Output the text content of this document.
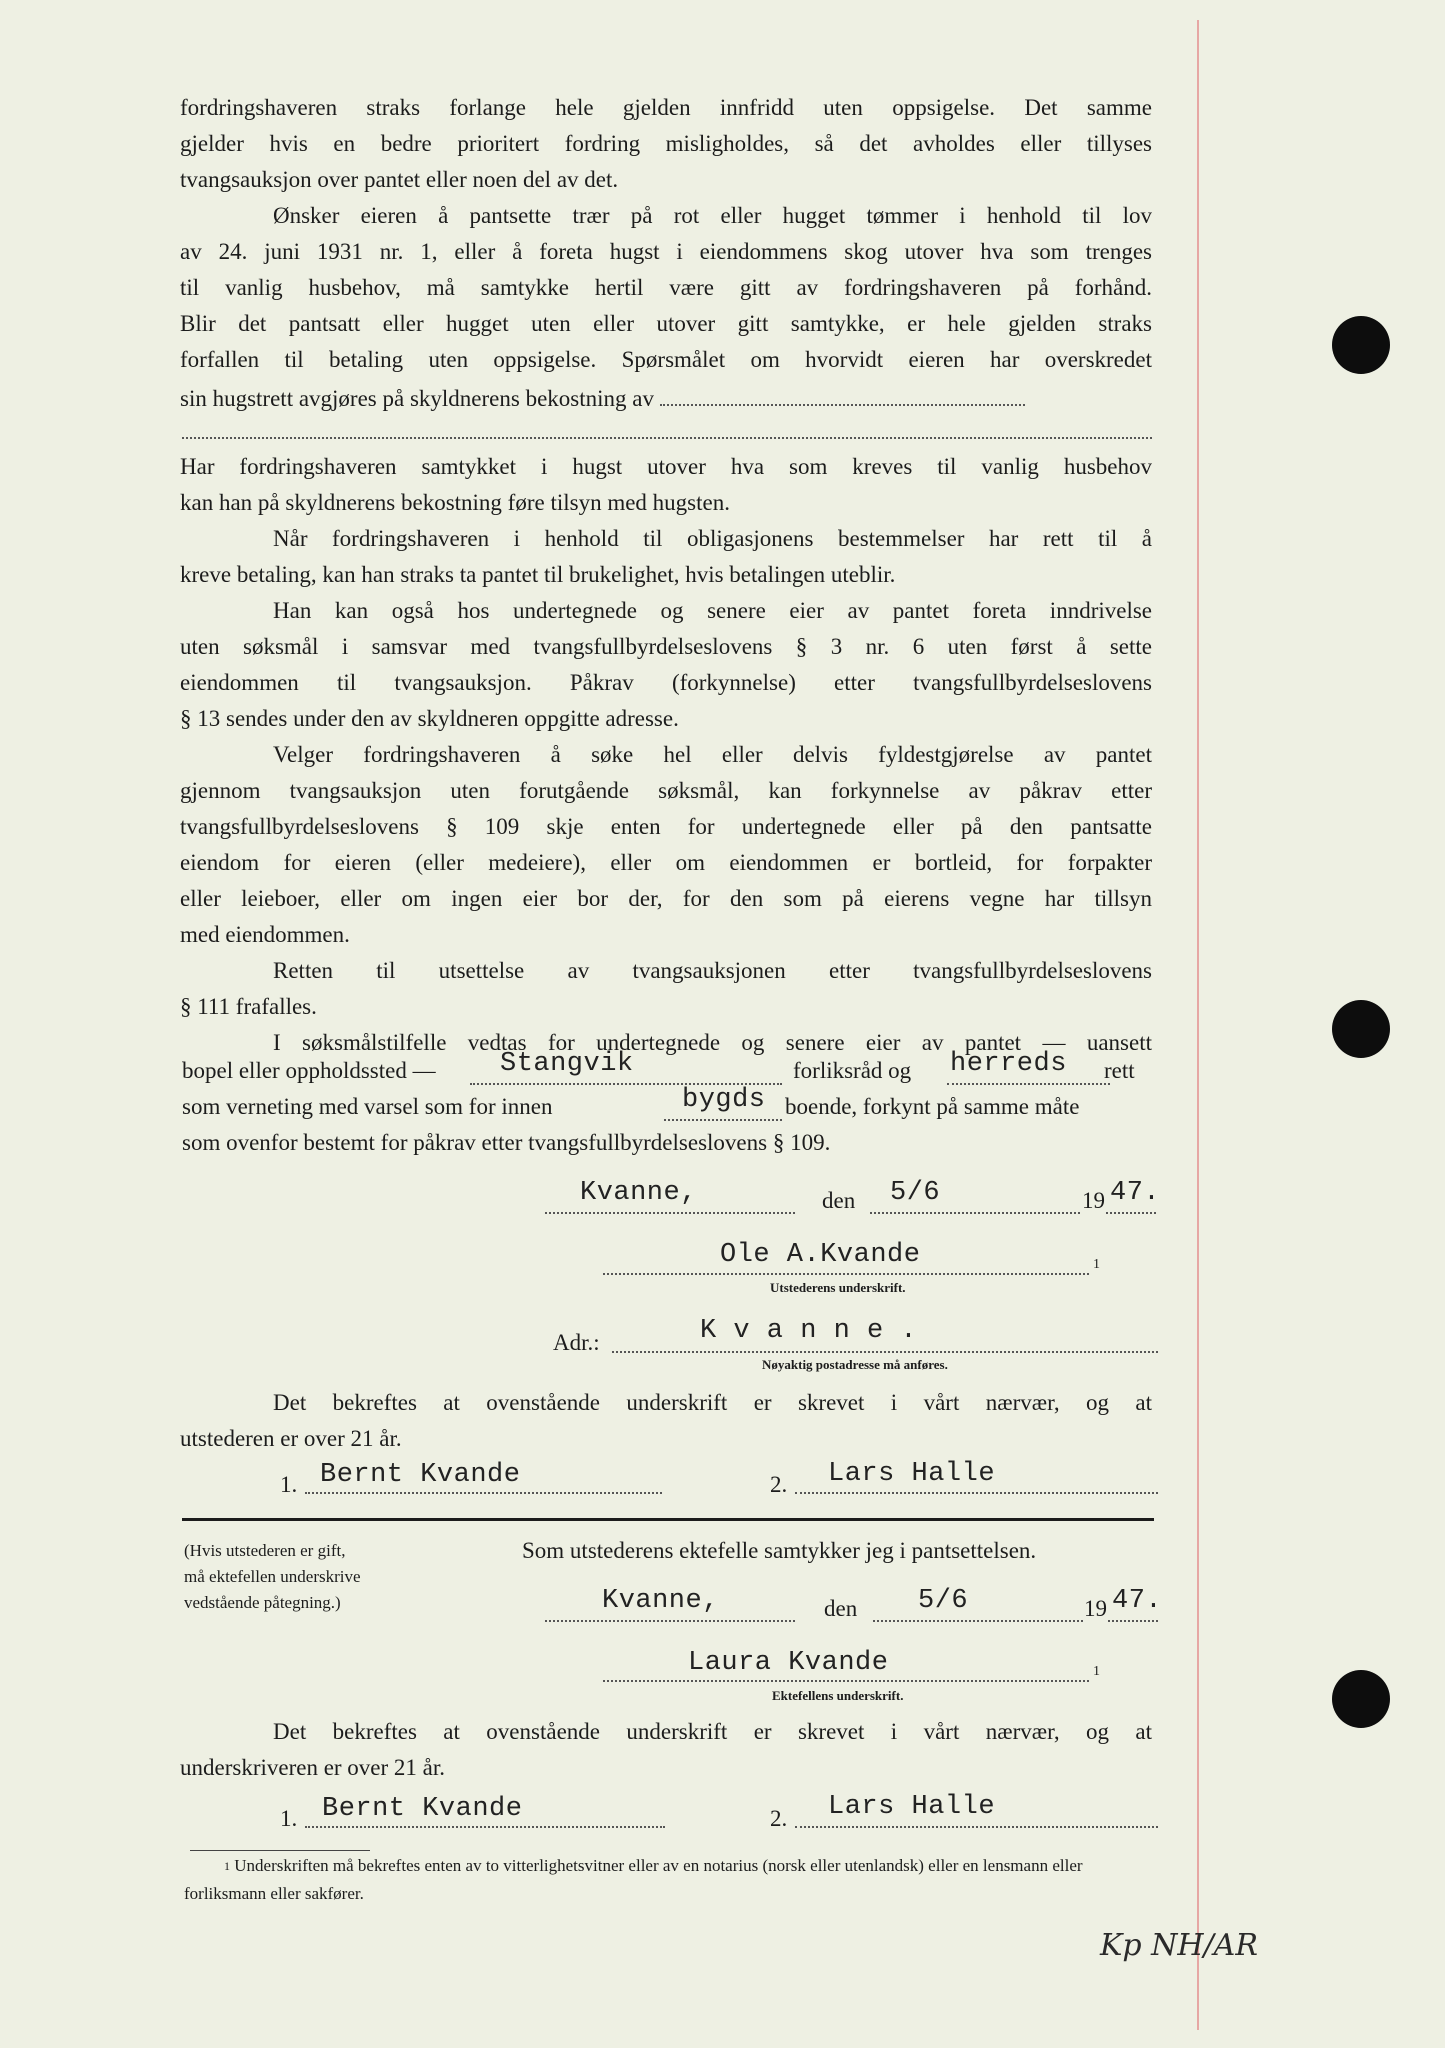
fordringshaveren straks forlange hele gjelden innfridd uten oppsigelse. Det samme
gjelder hvis en bedre prioritert fordring misligholdes, så det avholdes eller tillyses
tvangsauksjon over pantet eller noen del av det.
Ønsker eieren å pantsette trær på rot eller hugget tømmer i henhold til lov
av 24. juni 1931 nr. 1, eller å foreta hugst i eiendommens skog utover hva som trenges
til vanlig husbehov, må samtykke hertil være gitt av fordringshaveren på forhånd.
Blir det pantsatt eller hugget uten eller utover gitt samtykke, er hele gjelden straks
forfallen til betaling uten oppsigelse. Spørsmålet om hvorvidt eieren har overskredet
sin hugstrett avgjøres på skyldnerens bekostning av
Har fordringshaveren samtykket i hugst utover hva som kreves til vanlig husbehov
kan han på skyldnerens bekostning føre tilsyn med hugsten.
Når fordringshaveren i henhold til obligasjonens bestemmelser har rett til å
kreve betaling, kan han straks ta pantet til brukelighet, hvis betalingen uteblir.
Han kan også hos undertegnede og senere eier av pantet foreta inndrivelse
uten søksmål i samsvar med tvangsfullbyrdelseslovens § 3 nr. 6 uten først å sette
eiendommen til tvangsauksjon. Påkrav (forkynnelse) etter tvangsfullbyrdelseslovens
§ 13 sendes under den av skyldneren oppgitte adresse.
Velger fordringshaveren å søke hel eller delvis fyldestgjørelse av pantet
gjennom tvangsauksjon uten forutgående søksmål, kan forkynnelse av påkrav etter
tvangsfullbyrdelseslovens § 109 skje enten for undertegnede eller på den pantsatte
eiendom for eieren (eller medeiere), eller om eiendommen er bortleid, for forpakter
eller leieboer, eller om ingen eier bor der, for den som på eierens vegne har tillsyn
med eiendommen.
Retten til utsettelse av tvangsauksjonen etter tvangsfullbyrdelseslovens
§ 111 frafalles.
I søksmålstilfelle vedtas for undertegnede og senere eier av pantet — uansett
bopel eller oppholdssted — Stangvik	forliksråd og herreds rett
som verneting med varsel som for innen	bygds boende, forkynt på samme måte
som ovenfor bestemt for påkrav etter tvangsfullbyrdelseslovens § 109.
Kvanne,	den 5/6	19 47.
Ole A.Kvande	1
Utstederens underskrift.
Adr.:	K v a n n e .
Nøyaktig postadresse må anføres.
Det bekreftes at ovenstående underskrift er skrevet i vårt nærvær, og at
utstederen er over 21 år.
1. Bernt Kvande	2. Lars Halle
(Hvis utstederen er gift,
må ektefellen underskrive
vedstående påtegning.)
Som utstederens ektefelle samtykker jeg i pantsettelsen.
Kvanne,	den 5/6	19 47.
Laura Kvande	1
Ektefellens underskrift.
Det bekreftes at ovenstående underskrift er skrevet i vårt nærvær, og at
underskriveren er over 21 år.
1. Bernt Kvande	2. Lars Halle
$^1$ Underskriften må bekreftes enten av to vitterlighetsvitner eller av en notarius (norsk eller utenlandsk) eller en lensmann eller forliksmann eller sakfører.
Kp NH/AR
